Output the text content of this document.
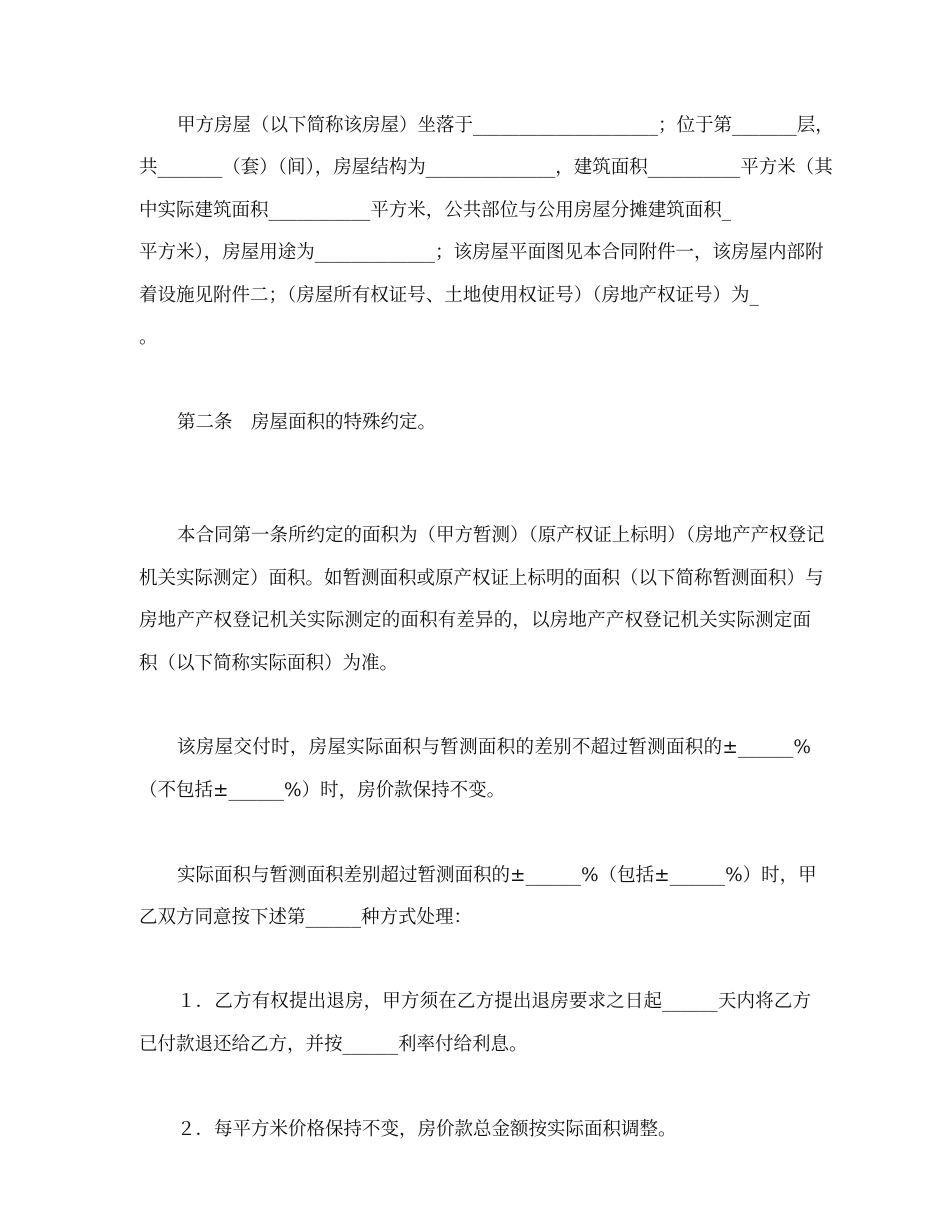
甲方房屋（以下简称该房屋）坐落于____________________；位于第_______层，
共_______（套）（间），房屋结构为______________，建筑面积__________平方米（其
中实际建筑面积___________平方米，公共部位与公用房屋分摊建筑面积_
平方米），房屋用途为_____________；该房屋平面图见本合同附件一，该房屋内部附
着设施见附件二；（房屋所有权证号、土地使用权证号）（房地产权证号）为_
。
第二条　房屋面积的特殊约定。
本合同第一条所约定的面积为（甲方暂测）（原产权证上标明）（房地产产权登记
机关实际测定）面积。如暂测面积或原产权证上标明的面积（以下简称暂测面积）与
房地产产权登记机关实际测定的面积有差异的，以房地产产权登记机关实际测定面
积（以下简称实际面积）为准。
该房屋交付时，房屋实际面积与暂测面积的差别不超过暂测面积的±______%
（不包括±______%）时，房价款保持不变。
实际面积与暂测面积差别超过暂测面积的±______%（包括±______%）时，甲
乙双方同意按下述第______种方式处理：
１．乙方有权提出退房，甲方须在乙方提出退房要求之日起______天内将乙方
已付款退还给乙方，并按______利率付给利息。
２．每平方米价格保持不变，房价款总金额按实际面积调整。
